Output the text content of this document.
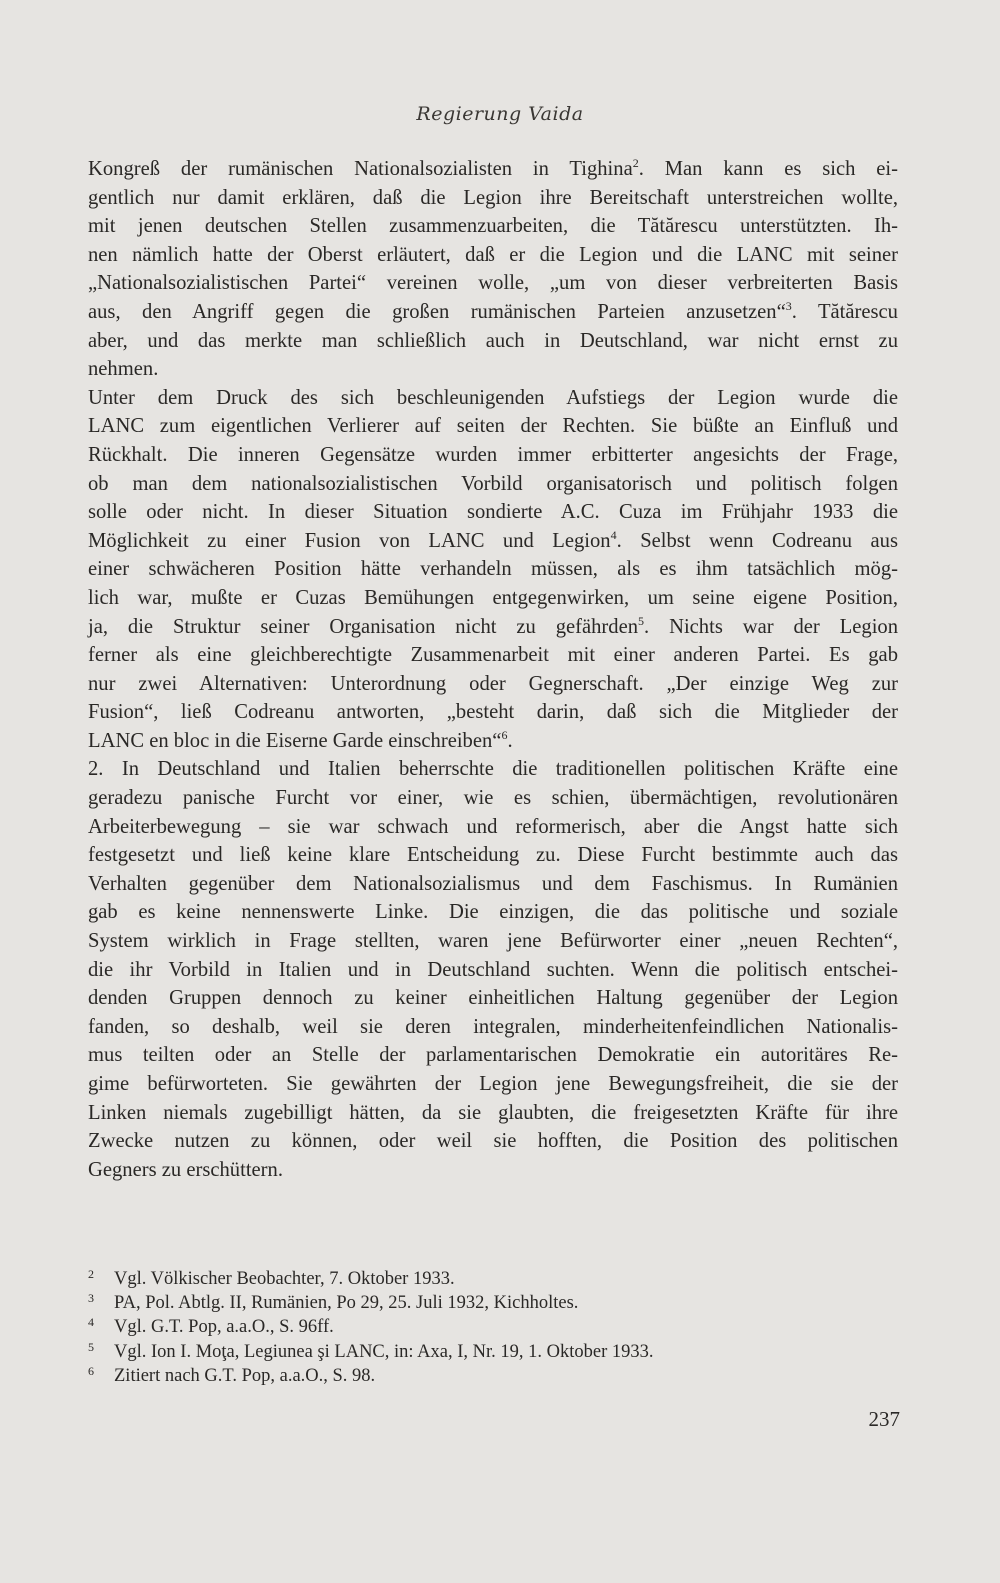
Regierung Vaida

Kongreß der rumänischen Nationalsozialisten in Tighina$^2$. Man kann es sich ei-
gentlich nur damit erklären, daß die Legion ihre Bereitschaft unterstreichen wollte,
mit jenen deutschen Stellen zusammenzuarbeiten, die Tătărescu unterstützten. Ih-
nen nämlich hatte der Oberst erläutert, daß er die Legion und die LANC mit seiner
„Nationalsozialistischen Partei“ vereinen wolle, „um von dieser verbreiterten Basis
aus, den Angriff gegen die großen rumänischen Parteien anzusetzen“$^3$. Tătărescu
aber, und das merkte man schließlich auch in Deutschland, war nicht ernst zu
nehmen.

Unter dem Druck des sich beschleunigenden Aufstiegs der Legion wurde die
LANC zum eigentlichen Verlierer auf seiten der Rechten. Sie büßte an Einfluß und
Rückhalt. Die inneren Gegensätze wurden immer erbitterter angesichts der Frage,
ob man dem nationalsozialistischen Vorbild organisatorisch und politisch folgen
solle oder nicht. In dieser Situation sondierte A.C. Cuza im Frühjahr 1933 die
Möglichkeit zu einer Fusion von LANC und Legion$^4$. Selbst wenn Codreanu aus
einer schwächeren Position hätte verhandeln müssen, als es ihm tatsächlich mög-
lich war, mußte er Cuzas Bemühungen entgegenwirken, um seine eigene Position,
ja, die Struktur seiner Organisation nicht zu gefährden$^5$. Nichts war der Legion
ferner als eine gleichberechtigte Zusammenarbeit mit einer anderen Partei. Es gab
nur zwei Alternativen: Unterordnung oder Gegnerschaft. „Der einzige Weg zur
Fusion“, ließ Codreanu antworten, „besteht darin, daß sich die Mitglieder der
LANC en bloc in die Eiserne Garde einschreiben“$^6$.

2. In Deutschland und Italien beherrschte die traditionellen politischen Kräfte eine
geradezu panische Furcht vor einer, wie es schien, übermächtigen, revolutionären
Arbeiterbewegung – sie war schwach und reformerisch, aber die Angst hatte sich
festgesetzt und ließ keine klare Entscheidung zu. Diese Furcht bestimmte auch das
Verhalten gegenüber dem Nationalsozialismus und dem Faschismus. In Rumänien
gab es keine nennenswerte Linke. Die einzigen, die das politische und soziale
System wirklich in Frage stellten, waren jene Befürworter einer „neuen Rechten“,
die ihr Vorbild in Italien und in Deutschland suchten. Wenn die politisch entschei-
denden Gruppen dennoch zu keiner einheitlichen Haltung gegenüber der Legion
fanden, so deshalb, weil sie deren integralen, minderheitenfeindlichen Nationalis-
mus teilten oder an Stelle der parlamentarischen Demokratie ein autoritäres Re-
gime befürworteten. Sie gewährten der Legion jene Bewegungsfreiheit, die sie der
Linken niemals zugebilligt hätten, da sie glaubten, die freigesetzten Kräfte für ihre
Zwecke nutzen zu können, oder weil sie hofften, die Position des politischen
Gegners zu erschüttern.

2	Vgl. Völkischer Beobachter, 7. Oktober 1933.
3	PA, Pol. Abtlg. II, Rumänien, Po 29, 25. Juli 1932, Kichholtes.
4	Vgl. G.T. Pop, a.a.O., S. 96ff.
5	Vgl. Ion I. Moţa, Legiunea şi LANC, in: Axa, I, Nr. 19, 1. Oktober 1933.
6	Zitiert nach G.T. Pop, a.a.O., S. 98.
237
